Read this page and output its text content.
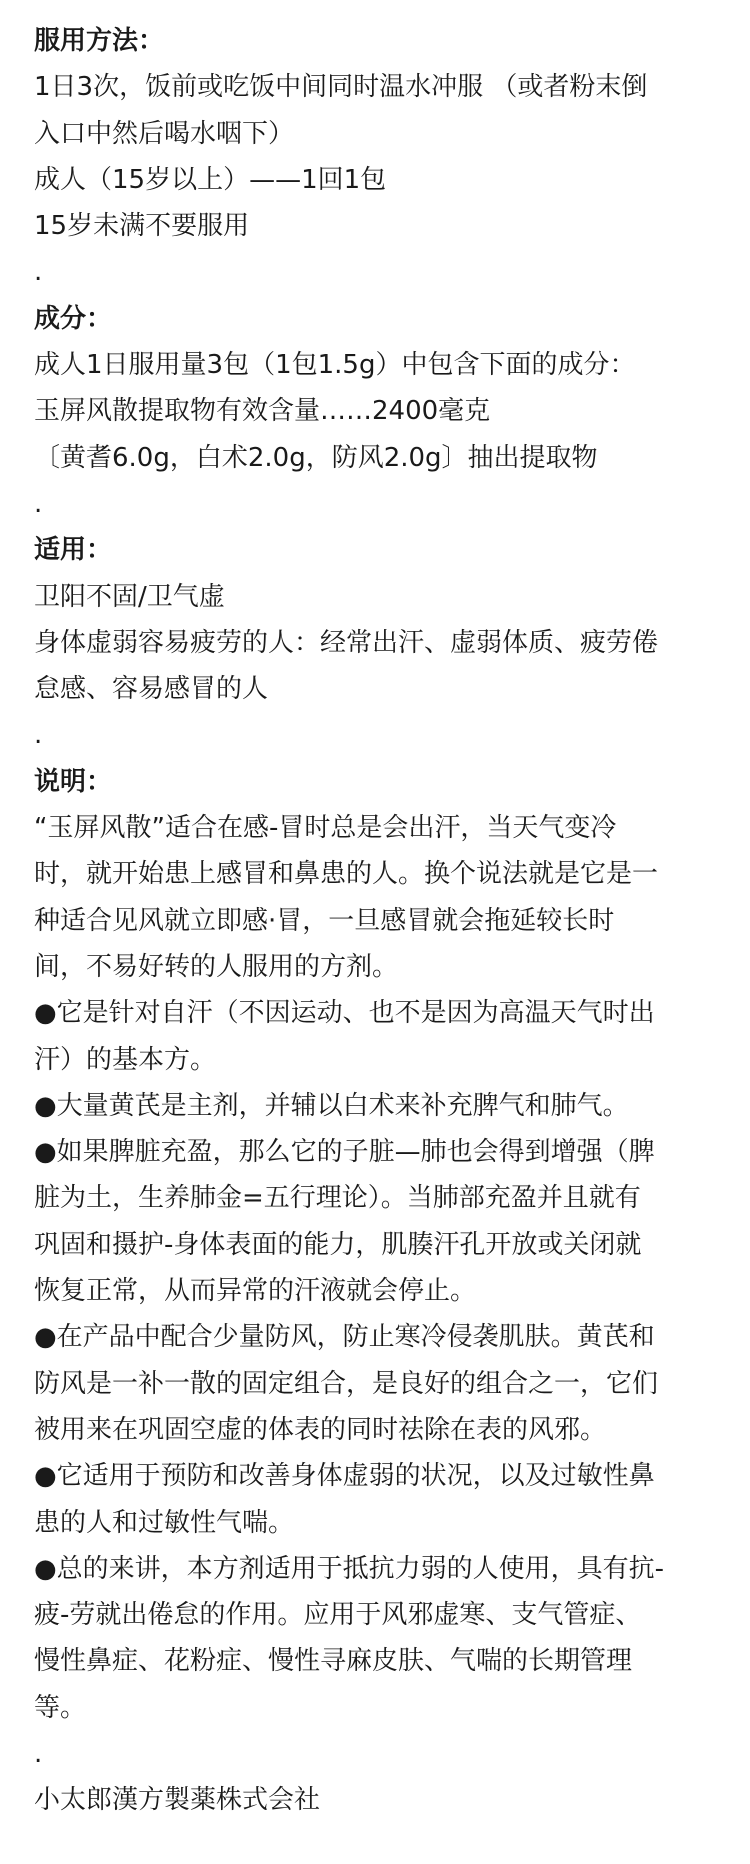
服用方法：
1日3次，饭前或吃饭中间同时温水冲服 （或者粉末倒
入口中然后喝水咽下）
成人（15岁以上）——1回1包
15岁未满不要服用
.
成分：
成人1日服用量3包（1包1.5g）中包含下面的成分：
玉屏风散提取物有效含量……2400毫克
〔黄耆6.0g，白术2.0g，防风2.0g〕抽出提取物
.
适用：
卫阳不固/卫气虚
身体虚弱容易疲劳的人：经常出汗、虚弱体质、疲劳倦
怠感、容易感冒的人
.
说明：
“玉屏风散”适合在感-冒时总是会出汗，当天气变冷
时，就开始患上感冒和鼻患的人。换个说法就是它是一
种适合见风就立即感·冒，一旦感冒就会拖延较长时
间，不易好转的人服用的方剂。
●它是针对自汗（不因运动、也不是因为高温天气时出
汗）的基本方。
●大量黄芪是主剂，并辅以白术来补充脾气和肺气。
●如果脾脏充盈，那么它的子脏—肺也会得到增强（脾
脏为土，生养肺金=五行理论）。当肺部充盈并且就有
巩固和摄护-身体表面的能力，肌腠汗孔开放或关闭就
恢复正常，从而异常的汗液就会停止。
●在产品中配合少量防风，防止寒冷侵袭肌肤。黄芪和
防风是一补一散的固定组合，是良好的组合之一，它们
被用来在巩固空虚的体表的同时祛除在表的风邪。
●它适用于预防和改善身体虚弱的状况，以及过敏性鼻
患的人和过敏性气喘。
●总的来讲，本方剂适用于抵抗力弱的人使用，具有抗-
疲-劳就出倦怠的作用。应用于风邪虚寒、支气管症、
慢性鼻症、花粉症、慢性寻麻皮肤、气喘的长期管理
等。
.
小太郎漢方製薬株式会社
